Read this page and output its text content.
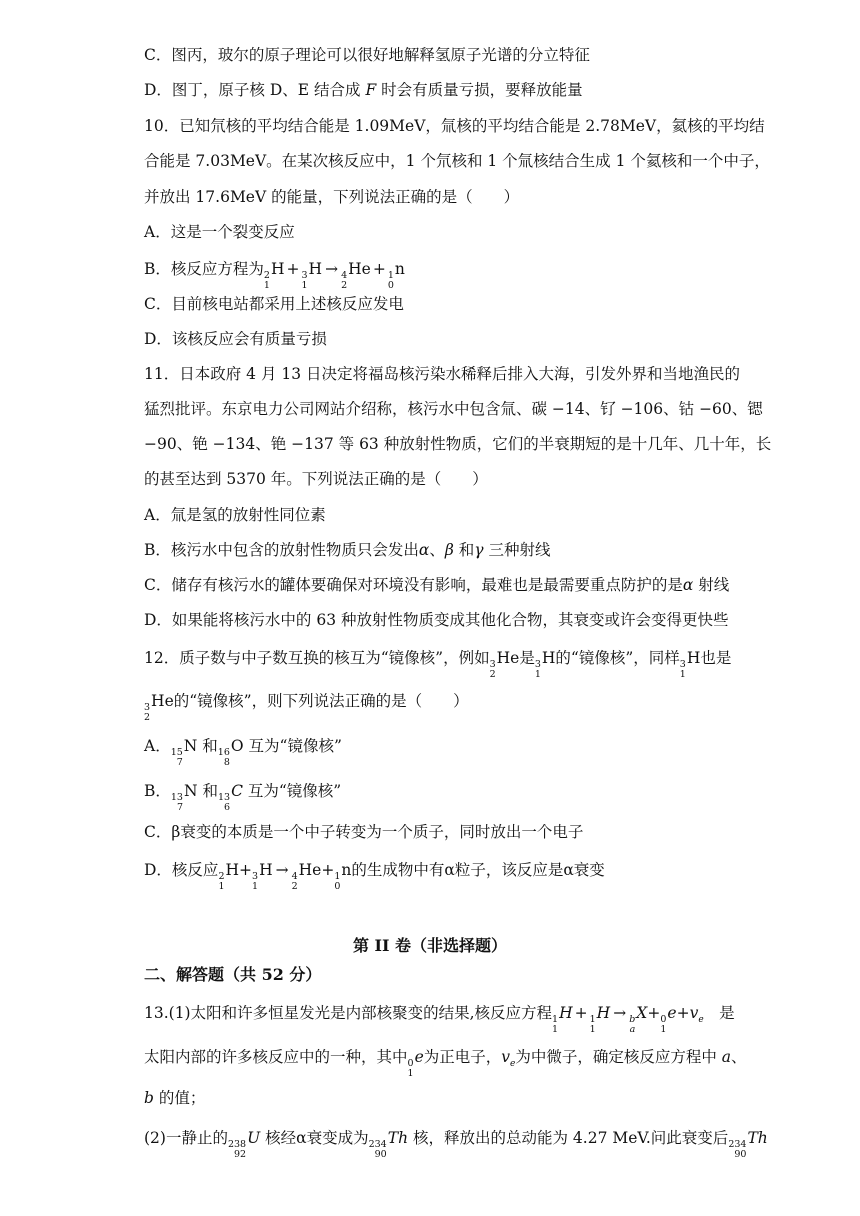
C．图丙，玻尔的原子理论可以很好地解释氢原子光谱的分立特征
D．图丁，原子核 D、E 结合成 F 时会有质量亏损，要释放能量
10．已知氘核的平均结合能是 1.09MeV，氚核的平均结合能是 2.78MeV，氦核的平均结
合能是 7.03MeV。在某次核反应中，1 个氘核和 1 个氚核结合生成 1 个氦核和一个中子，
并放出 17.6MeV 的能量，下列说法正确的是（　　）
A．这是一个裂变反应
B．核反应方程为 2
1
H + 3
1
H → 4
2
He + 1
0
n
C．目前核电站都采用上述核反应发电
D．该核反应会有质量亏损
11．日本政府 4 月 13 日决定将福岛核污染水稀释后排入大海，引发外界和当地渔民的
猛烈批评。东京电力公司网站介绍称，核污水中包含氚、碳 −14、钌 −106、钴 −60、锶
−90、铯 −134、铯 −137 等 63 种放射性物质，它们的半衰期短的是十几年、几十年，长
的甚至达到 5370 年。下列说法正确的是（　　）
A．氚是氢的放射性同位素
B．核污水中包含的放射性物质只会发出α、β 和γ 三种射线
C．储存有核污水的罐体要确保对环境没有影响，最难也是最需要重点防护的是α 射线
D．如果能将核污水中的 63 种放射性物质变成其他化合物，其衰变或许会变得更快些
12．质子数与中子数互换的核互为“镜像核”，例如 3
2
He是 3
1
H的“镜像核”，同样 3
1
H也是
3
2
He的“镜像核”，则下列说法正确的是（　　）
A． 15
7
N 和 16
8
O 互为“镜像核”
B． 13
7
N 和 13
6
C 互为“镜像核”
C．β衰变的本质是一个中子转变为一个质子，同时放出一个电子
D．核反应 2
1
H+ 3
1
H → 4
2
He+ 1
0
n的生成物中有α粒子，该反应是α衰变
第 II 卷（非选择题）
二、解答题（共 52 分）
13.(1)太阳和许多恒星发光是内部核聚变的结果,核反应方程 1
1
H + 1
1
H → b
a
X+ 0
1
$e+v_e$　是
太阳内部的许多核反应中的一种，其中 0
1
e为正电子，$v_e$为中微子，确定核反应方程中 a、
b 的值；
(2)一静止的 238
92
U 核经α衰变成为 234
90
Th 核，释放出的总动能为 4.27 MeV.问此衰变后 234
90
Th
